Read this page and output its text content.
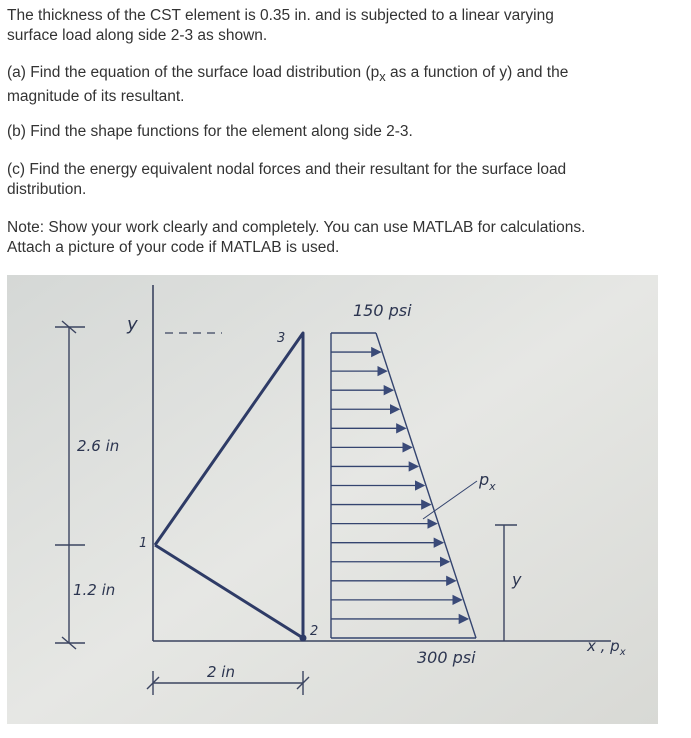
The thickness of the CST element is 0.35 in. and is subjected to a linear varying
surface load along side 2-3 as shown.

(a) Find the equation of the surface load distribution ($p_x$ as a function of y) and the
magnitude of its resultant.

(b) Find the shape functions for the element along side 2-3.

(c) Find the energy equivalent nodal forces and their resultant for the surface load
distribution.

Note: Show your work clearly and completely. You can use MATLAB for calculations.
Attach a picture of your code if MATLAB is used.

y
2.6 in
1.2 in
x , $p_x$
1
2
3
$p_x$
150 psi
300 psi
y
2 in
